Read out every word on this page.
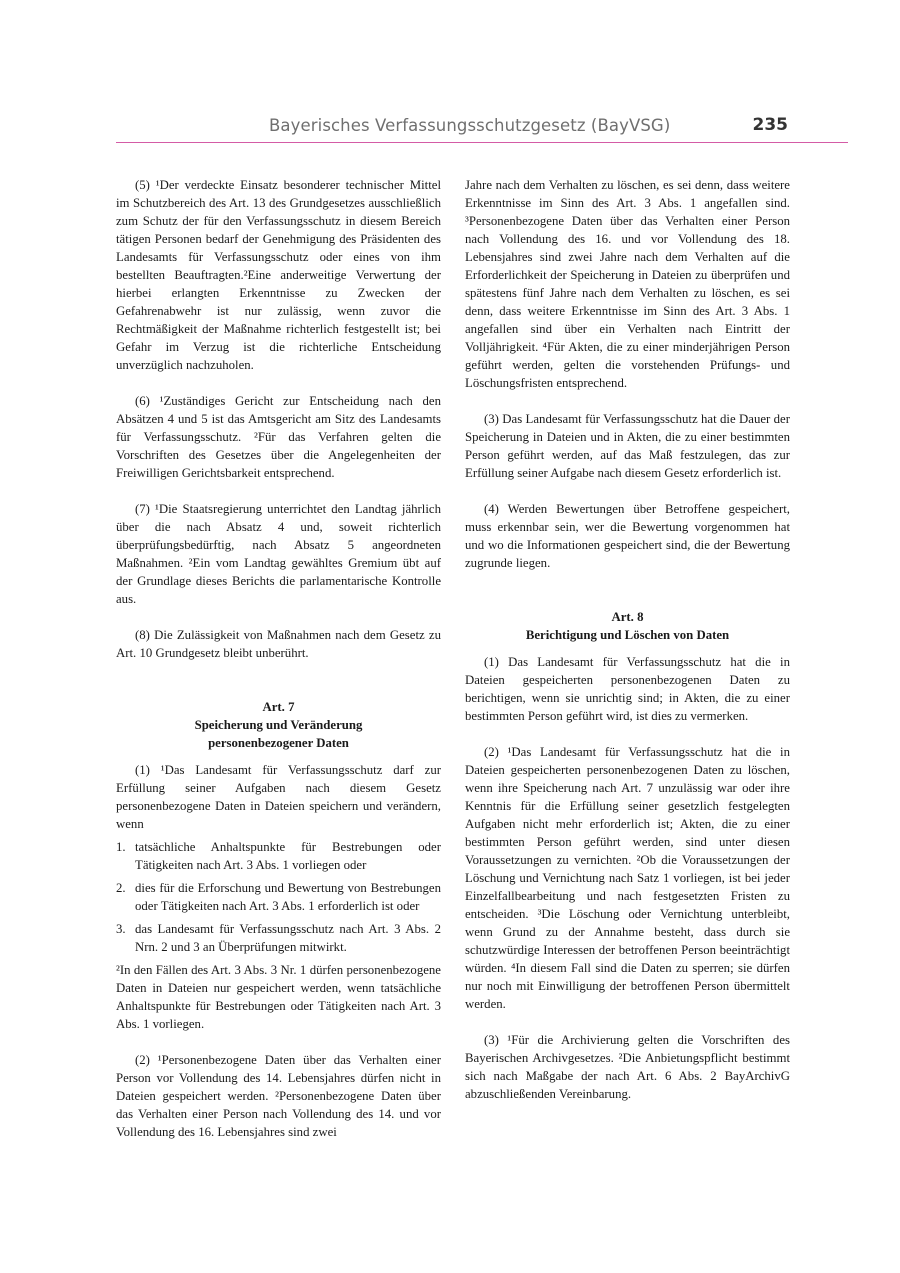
Bayerisches Verfassungsschutzgesetz (BayVSG)	235

(5) ¹Der verdeckte Einsatz besonderer technischer Mittel im Schutzbereich des Art. 13 des Grundgesetzes ausschließlich zum Schutz der für den Verfassungsschutz in diesem Bereich tätigen Personen bedarf der Genehmigung des Präsidenten des Landesamts für Verfassungsschutz oder eines von ihm bestellten Beauftragten.²Eine anderweitige Verwertung der hierbei erlangten Erkenntnisse zu Zwecken der Gefahrenabwehr ist nur zulässig, wenn zuvor die Rechtmäßigkeit der Maßnahme richterlich festgestellt ist; bei Gefahr im Verzug ist die richterliche Entscheidung unverzüglich nachzuholen.

(6) ¹Zuständiges Gericht zur Entscheidung nach den Absätzen 4 und 5 ist das Amtsgericht am Sitz des Landesamts für Verfassungsschutz. ²Für das Verfahren gelten die Vorschriften des Gesetzes über die Angelegenheiten der Freiwilligen Gerichtsbarkeit entsprechend.

(7) ¹Die Staatsregierung unterrichtet den Landtag jährlich über die nach Absatz 4 und, soweit richterlich überprüfungsbedürftig, nach Absatz 5 angeordneten Maßnahmen. ²Ein vom Landtag gewähltes Gremium übt auf der Grundlage dieses Berichts die parlamentarische Kontrolle aus.

(8) Die Zulässigkeit von Maßnahmen nach dem Gesetz zu Art. 10 Grundgesetz bleibt unberührt.

Art. 7

Speicherung und Veränderung

personenbezogener Daten

(1) ¹Das Landesamt für Verfassungsschutz darf zur Erfüllung seiner Aufgaben nach diesem Gesetz personenbezogene Daten in Dateien speichern und verändern, wenn

1. tatsächliche Anhaltspunkte für Bestrebungen oder Tätigkeiten nach Art. 3 Abs. 1 vorliegen oder
2. dies für die Erforschung und Bewertung von Bestrebungen oder Tätigkeiten nach Art. 3 Abs. 1 erforderlich ist oder
3. das Landesamt für Verfassungsschutz nach Art. 3 Abs. 2 Nrn. 2 und 3 an Überprüfungen mitwirkt.

²In den Fällen des Art. 3 Abs. 3 Nr. 1 dürfen personenbezogene Daten in Dateien nur gespeichert werden, wenn tatsächliche Anhaltspunkte für Bestrebungen oder Tätigkeiten nach Art. 3 Abs. 1 vorliegen.

(2) ¹Personenbezogene Daten über das Verhalten einer Person vor Vollendung des 14. Lebensjahres dürfen nicht in Dateien gespeichert werden. ²Personenbezogene Daten über das Verhalten einer Person nach Vollendung des 14. und vor Vollendung des 16. Lebensjahres sind zwei

Jahre nach dem Verhalten zu löschen, es sei denn, dass weitere Erkenntnisse im Sinn des Art. 3 Abs. 1 angefallen sind. ³Personenbezogene Daten über das Verhalten einer Person nach Vollendung des 16. und vor Vollendung des 18. Lebensjahres sind zwei Jahre nach dem Verhalten auf die Erforderlichkeit der Speicherung in Dateien zu überprüfen und spätestens fünf Jahre nach dem Verhalten zu löschen, es sei denn, dass weitere Erkenntnisse im Sinn des Art. 3 Abs. 1 angefallen sind über ein Verhalten nach Eintritt der Volljährigkeit. ⁴Für Akten, die zu einer minderjährigen Person geführt werden, gelten die vorstehenden Prüfungs- und Löschungsfristen entsprechend.

(3) Das Landesamt für Verfassungsschutz hat die Dauer der Speicherung in Dateien und in Akten, die zu einer bestimmten Person geführt werden, auf das Maß festzulegen, das zur Erfüllung seiner Aufgabe nach diesem Gesetz erforderlich ist.

(4) Werden Bewertungen über Betroffene gespeichert, muss erkennbar sein, wer die Bewertung vorgenommen hat und wo die Informationen gespeichert sind, die der Bewertung zugrunde liegen.

Art. 8

Berichtigung und Löschen von Daten

(1) Das Landesamt für Verfassungsschutz hat die in Dateien gespeicherten personenbezogenen Daten zu berichtigen, wenn sie unrichtig sind; in Akten, die zu einer bestimmten Person geführt wird, ist dies zu vermerken.

(2) ¹Das Landesamt für Verfassungsschutz hat die in Dateien gespeicherten personenbezogenen Daten zu löschen, wenn ihre Speicherung nach Art. 7 unzulässig war oder ihre Kenntnis für die Erfüllung seiner gesetzlich festgelegten Aufgaben nicht mehr erforderlich ist; Akten, die zu einer bestimmten Person geführt werden, sind unter diesen Voraussetzungen zu vernichten. ²Ob die Voraussetzungen der Löschung und Vernichtung nach Satz 1 vorliegen, ist bei jeder Einzelfallbearbeitung und nach festgesetzten Fristen zu entscheiden. ³Die Löschung oder Vernichtung unterbleibt, wenn Grund zu der Annahme besteht, dass durch sie schutzwürdige Interessen der betroffenen Person beeinträchtigt würden. ⁴In diesem Fall sind die Daten zu sperren; sie dürfen nur noch mit Einwilligung der betroffenen Person übermittelt werden.

(3) ¹Für die Archivierung gelten die Vorschriften des Bayerischen Archivgesetzes. ²Die Anbietungspflicht bestimmt sich nach Maßgabe der nach Art. 6 Abs. 2 BayArchivG abzuschließenden Vereinbarung.
